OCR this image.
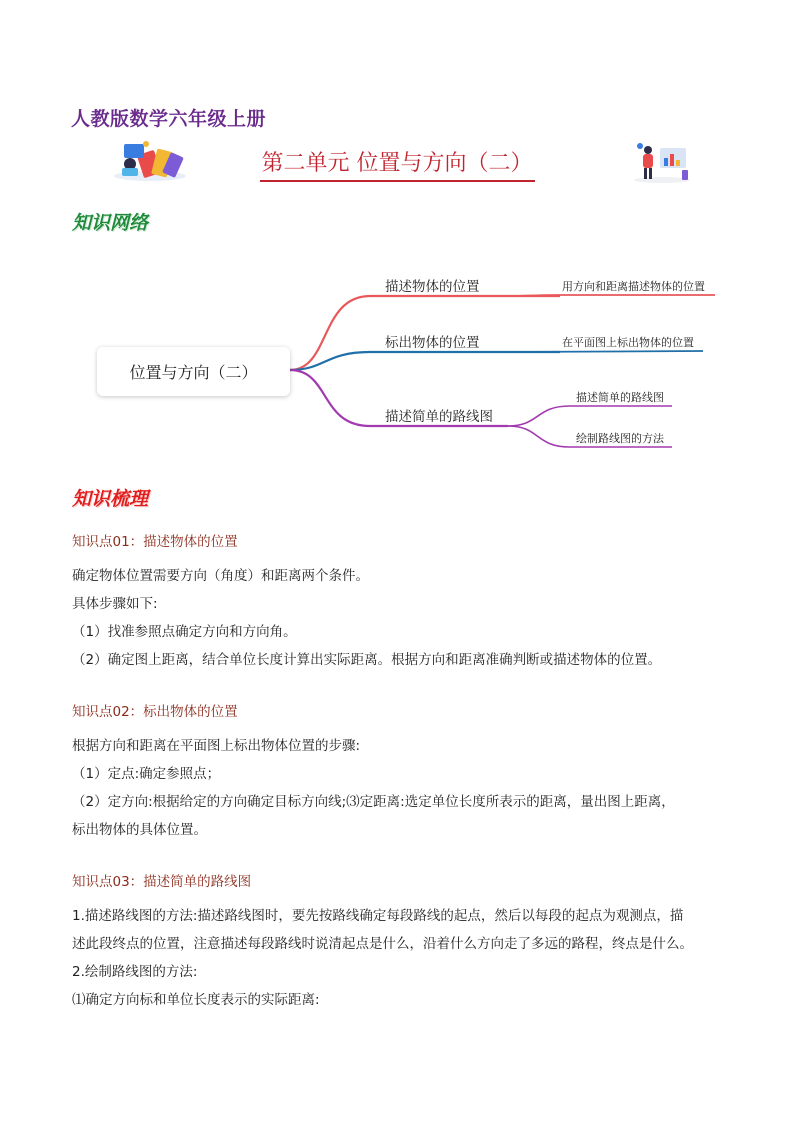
人教版数学六年级上册
第二单元 位置与方向（二）
知识网络
位置与方向（二）
描述物体的位置
标出物体的位置
描述简单的路线图
用方向和距离描述物体的位置
在平面图上标出物体的位置
描述简单的路线图
绘制路线图的方法
知识梳理
知识点01：描述物体的位置
确定物体位置需要方向（角度）和距离两个条件。
具体步骤如下:
（1）找准参照点确定方向和方向角。
（2）确定图上距离，结合单位长度计算出实际距离。根据方向和距离准确判断或描述物体的位置。
知识点02：标出物体的位置
根据方向和距离在平面图上标出物体位置的步骤:
（1）定点:确定参照点；
（2）定方向:根据给定的方向确定目标方向线;⑶定距离:选定单位长度所表示的距离，量出图上距离，
标出物体的具体位置。
知识点03：描述简单的路线图
1.描述路线图的方法:描述路线图时，要先按路线确定每段路线的起点，然后以每段的起点为观测点，描
述此段终点的位置，注意描述每段路线时说清起点是什么，沿着什么方向走了多远的路程，终点是什么。
2.绘制路线图的方法:
⑴确定方向标和单位长度表示的实际距离:
